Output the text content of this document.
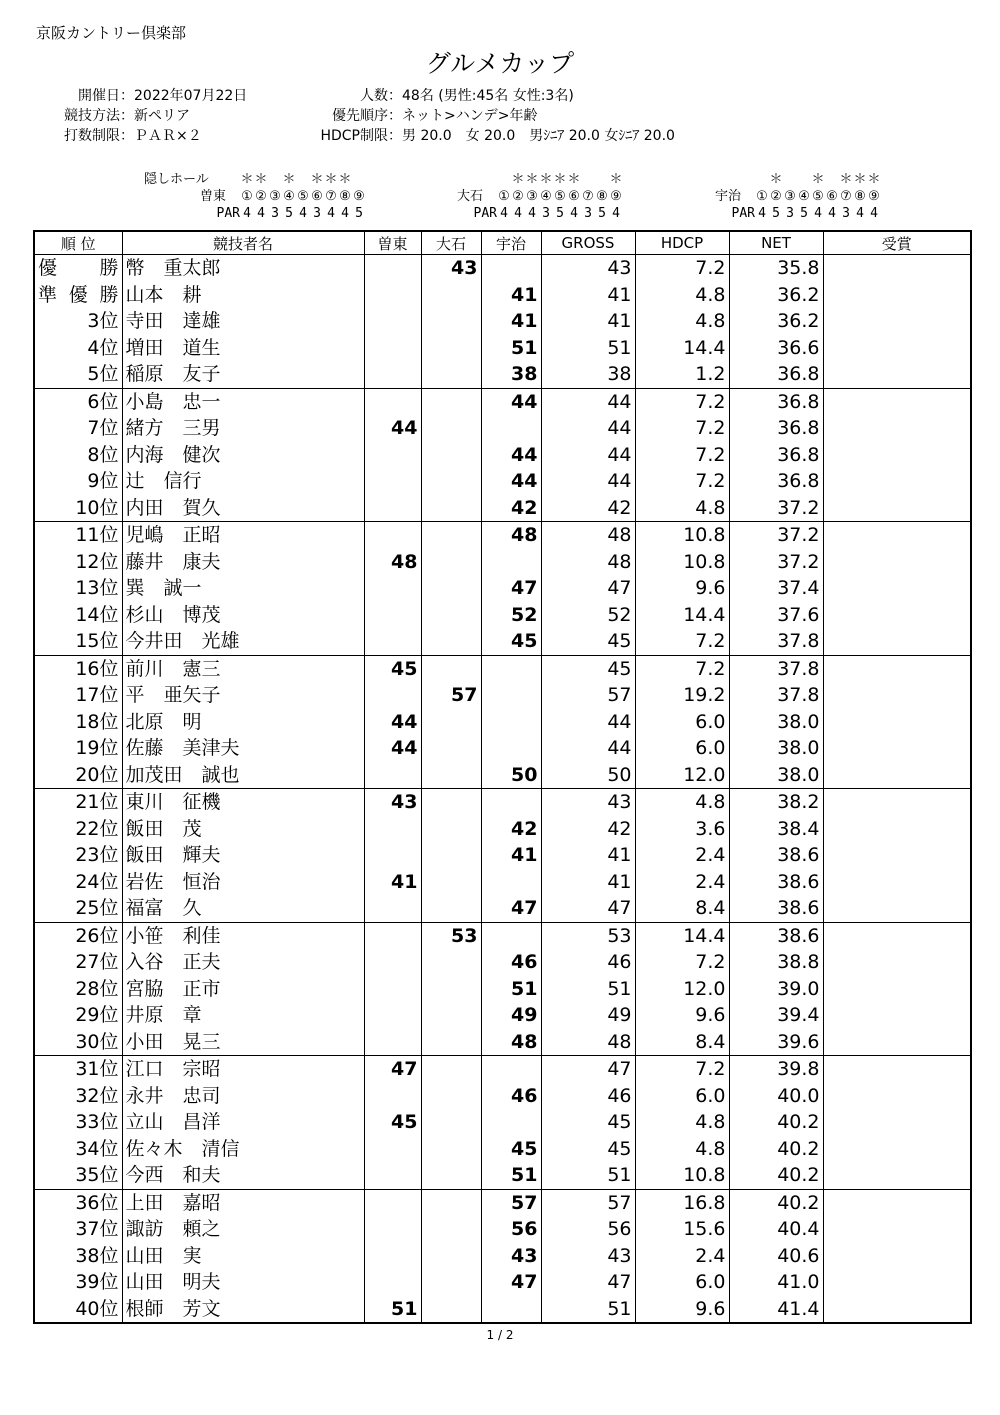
京阪カントリー倶楽部
グルメカップ
開催日：2022年07月22日
競技方法：新ペリア
打数制限：ＰＡＲ×２
人数：48名 (男性:45名 女性:3名)
優先順序：ネット>ハンデ>年齢
HDCP制限：男 20.0　女 20.0　男ｼﾆｱ 20.0 女ｼﾆｱ 20.0
隠しホール	＊＊ ＊ ＊＊＊
曽東 ① ② ③ ④ ⑤ ⑥ ⑦ ⑧ ⑨
PAR 4 4 3 5 4 3 4 4 5
＊＊＊＊＊ ＊
大石 ① ② ③ ④ ⑤ ⑥ ⑦ ⑧ ⑨
PAR 4 4 4 3 5 4 3 5 4
＊ ＊ ＊＊＊
宇治 ① ② ③ ④ ⑤ ⑥ ⑦ ⑧ ⑨
PAR 4 5 3 5 4 4 3 4 4
順 位	競技者名	曽東	大石	宇治	GROSS	HDCP	NET	受賞
優 勝	幣　重太郎		43		43	7.2	35.8	
準優勝	山本　耕			41	41	4.8	36.2	
3位	寺田　達雄			41	41	4.8	36.2	
4位	増田　道生			51	51	14.4	36.6	
5位	稲原　友子			38	38	1.2	36.8	
6位	小島　忠一			44	44	7.2	36.8	
7位	緒方　三男	44			44	7.2	36.8	
8位	内海　健次			44	44	7.2	36.8	
9位	辻　信行			44	44	7.2	36.8	
10位	内田　賀久			42	42	4.8	37.2	
11位	児嶋　正昭			48	48	10.8	37.2	
12位	藤井　康夫	48			48	10.8	37.2	
13位	巽　誠一			47	47	9.6	37.4	
14位	杉山　博茂			52	52	14.4	37.6	
15位	今井田　光雄			45	45	7.2	37.8	
16位	前川　憲三	45			45	7.2	37.8	
17位	平　亜矢子		57		57	19.2	37.8	
18位	北原　明	44			44	6.0	38.0	
19位	佐藤　美津夫	44			44	6.0	38.0	
20位	加茂田　誠也			50	50	12.0	38.0	
21位	東川　征機	43			43	4.8	38.2	
22位	飯田　茂			42	42	3.6	38.4	
23位	飯田　輝夫			41	41	2.4	38.6	
24位	岩佐　恒治	41			41	2.4	38.6	
25位	福富　久			47	47	8.4	38.6	
26位	小笹　利佳		53		53	14.4	38.6	
27位	入谷　正夫			46	46	7.2	38.8	
28位	宮脇　正市			51	51	12.0	39.0	
29位	井原　章			49	49	9.6	39.4	
30位	小田　晃三			48	48	8.4	39.6	
31位	江口　宗昭	47			47	7.2	39.8	
32位	永井　忠司			46	46	6.0	40.0	
33位	立山　昌洋	45			45	4.8	40.2	
34位	佐々木　清信			45	45	4.8	40.2	
35位	今西　和夫			51	51	10.8	40.2	
36位	上田　嘉昭			57	57	16.8	40.2	
37位	諏訪　頼之			56	56	15.6	40.4	
38位	山田　実			43	43	2.4	40.6	
39位	山田　明夫			47	47	6.0	41.0	
40位	根師　芳文	51			51	9.6	41.4	
1 / 2
